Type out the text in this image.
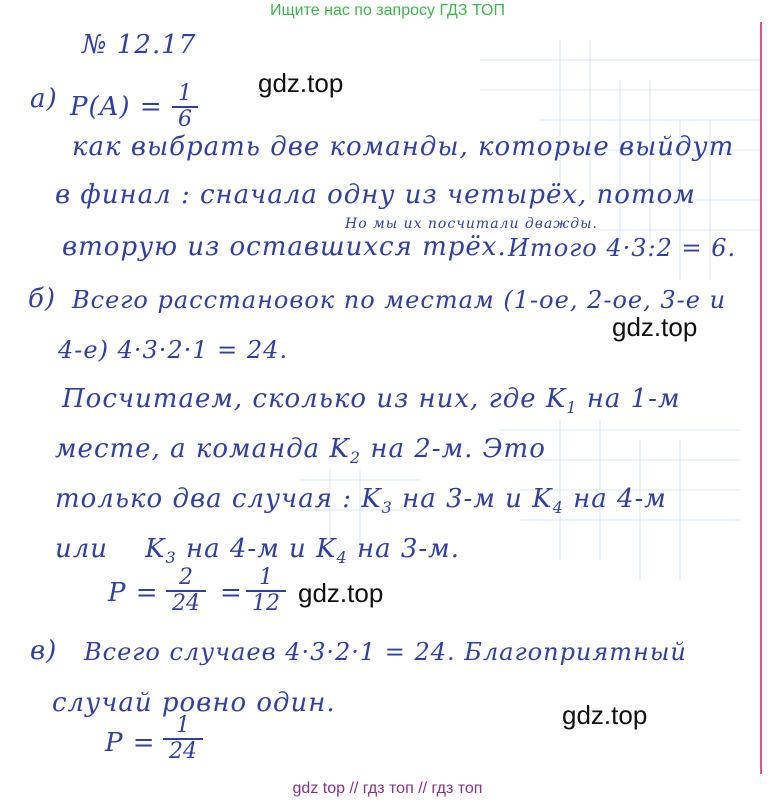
Ищите нас по запросу ГДЗ ТОП
gdz.top
gdz.top
gdz.top
gdz.top
№ 12.17
а) P(A) = 1
6
как выбрать две команды, которые выйдут
в финал : сначала одну из четырёх, потом
Но мы их посчитали дважды.
вторую из оставшихся трёх. Итого 4·3:2 = 6.
б) Всего расстановок по местам (1-ое, 2-ое, 3-е и
4-е) 4·3·2·1 = 24.
Посчитаем, сколько из них, где $K_1$ на 1-м
месте, а команда $K_2$ на 2-м. Это
только два случая : $K_3$ на 3-м и $K_4$ на 4-м
или $K_3$ на 4-м и $K_4$ на 3-м.
P =
2
24 =
1
12
в) Всего случаев 4·3·2·1 = 24. Благоприятный
случай ровно один.
P =
1
24
gdz top // гдз топ // гдз топ
